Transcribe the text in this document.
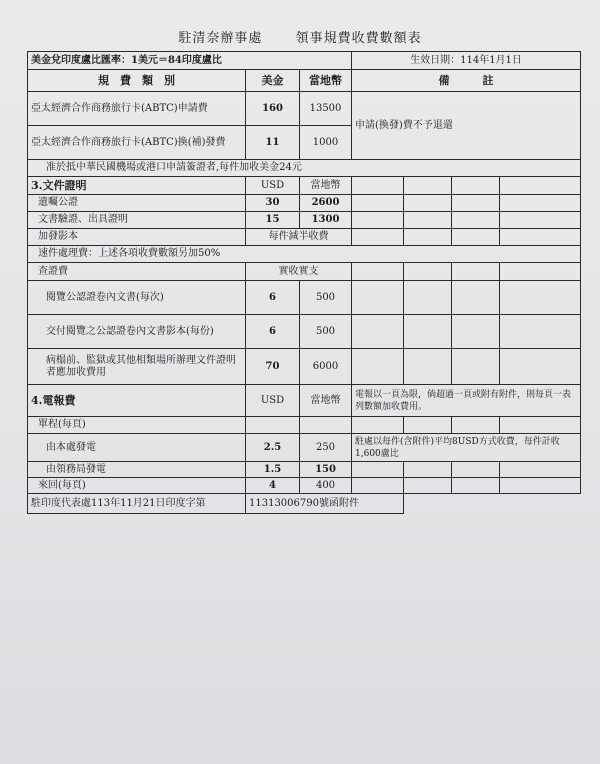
駐清奈辦事處	領事規費收費數額表
美金兌印度盧比匯率：1美元＝84印度盧比			生效日期：114年1月1日			
規　費　類　別	美金	當地幣	備　　　註			
亞太經濟合作商務旅行卡(ABTC)申請費	160	13500	申請(換發)費不予退還			
亞太經濟合作商務旅行卡(ABTC)換(補)發費	11	1000				
准於抵中華民國機場或港口申請簽證者,每件加收美金24元						
3.文件證明	USD	當地幣				
遺囑公證	30	2600				
文書驗證、出具證明	15	1300				
加發影本	每件減半收費					
速件處理費：上述各項收費數額另加50%						
查證費	實收實支					
閱覽公認證卷內文書(每次)	6	500				
交付閱覽之公認證卷內文書影本(每份)	6	500				
病榻前、監獄或其他相類場所辦理文件證明者應加收費用	70	6000				
4.電報費	USD	當地幣	電報以一頁為限，倘超過一頁或附有附件，則每頁一表列數額加收費用。			
單程(每頁)						
由本處發電	2.5	250	駐處以每件(含附件)平均8USD方式收費，每件計收1,600盧比			
由領務局發電	1.5	150				
來回(每頁)	4	400				
駐印度代表處113年11月21日印度字第	11313006790號函附件					
